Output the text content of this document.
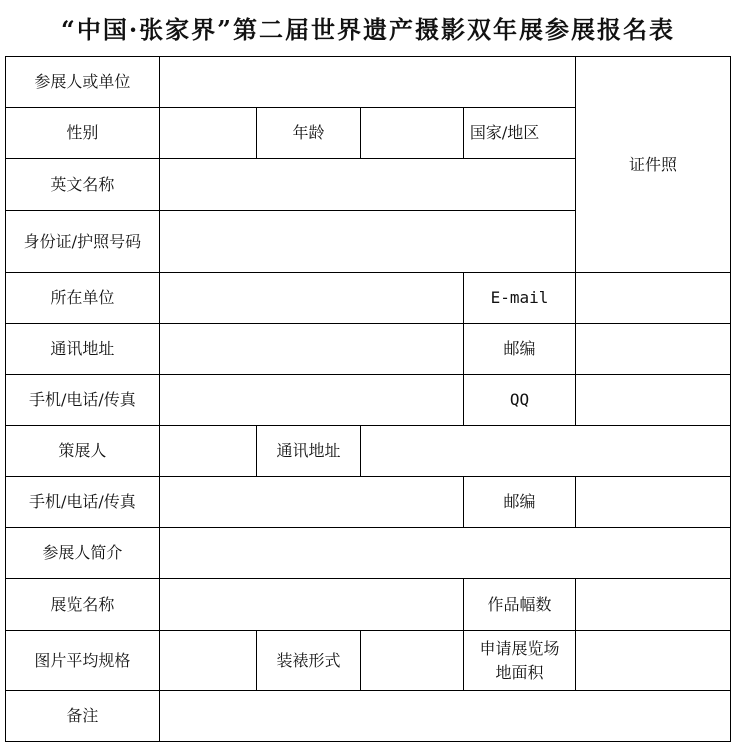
“中国·张家界”第二届世界遗产摄影双年展参展报名表
参展人或单位					证件照
性别		年龄		国家/地区	
英文名称					
身份证/护照号码					
所在单位				E-mail	
通讯地址				邮编	
手机/电话/传真				QQ	
策展人		通讯地址			
手机/电话/传真				邮编	
参展人简介					
展览名称				作品幅数	
图片平均规格		装裱形式		申请展览场
地面积	

备注					
